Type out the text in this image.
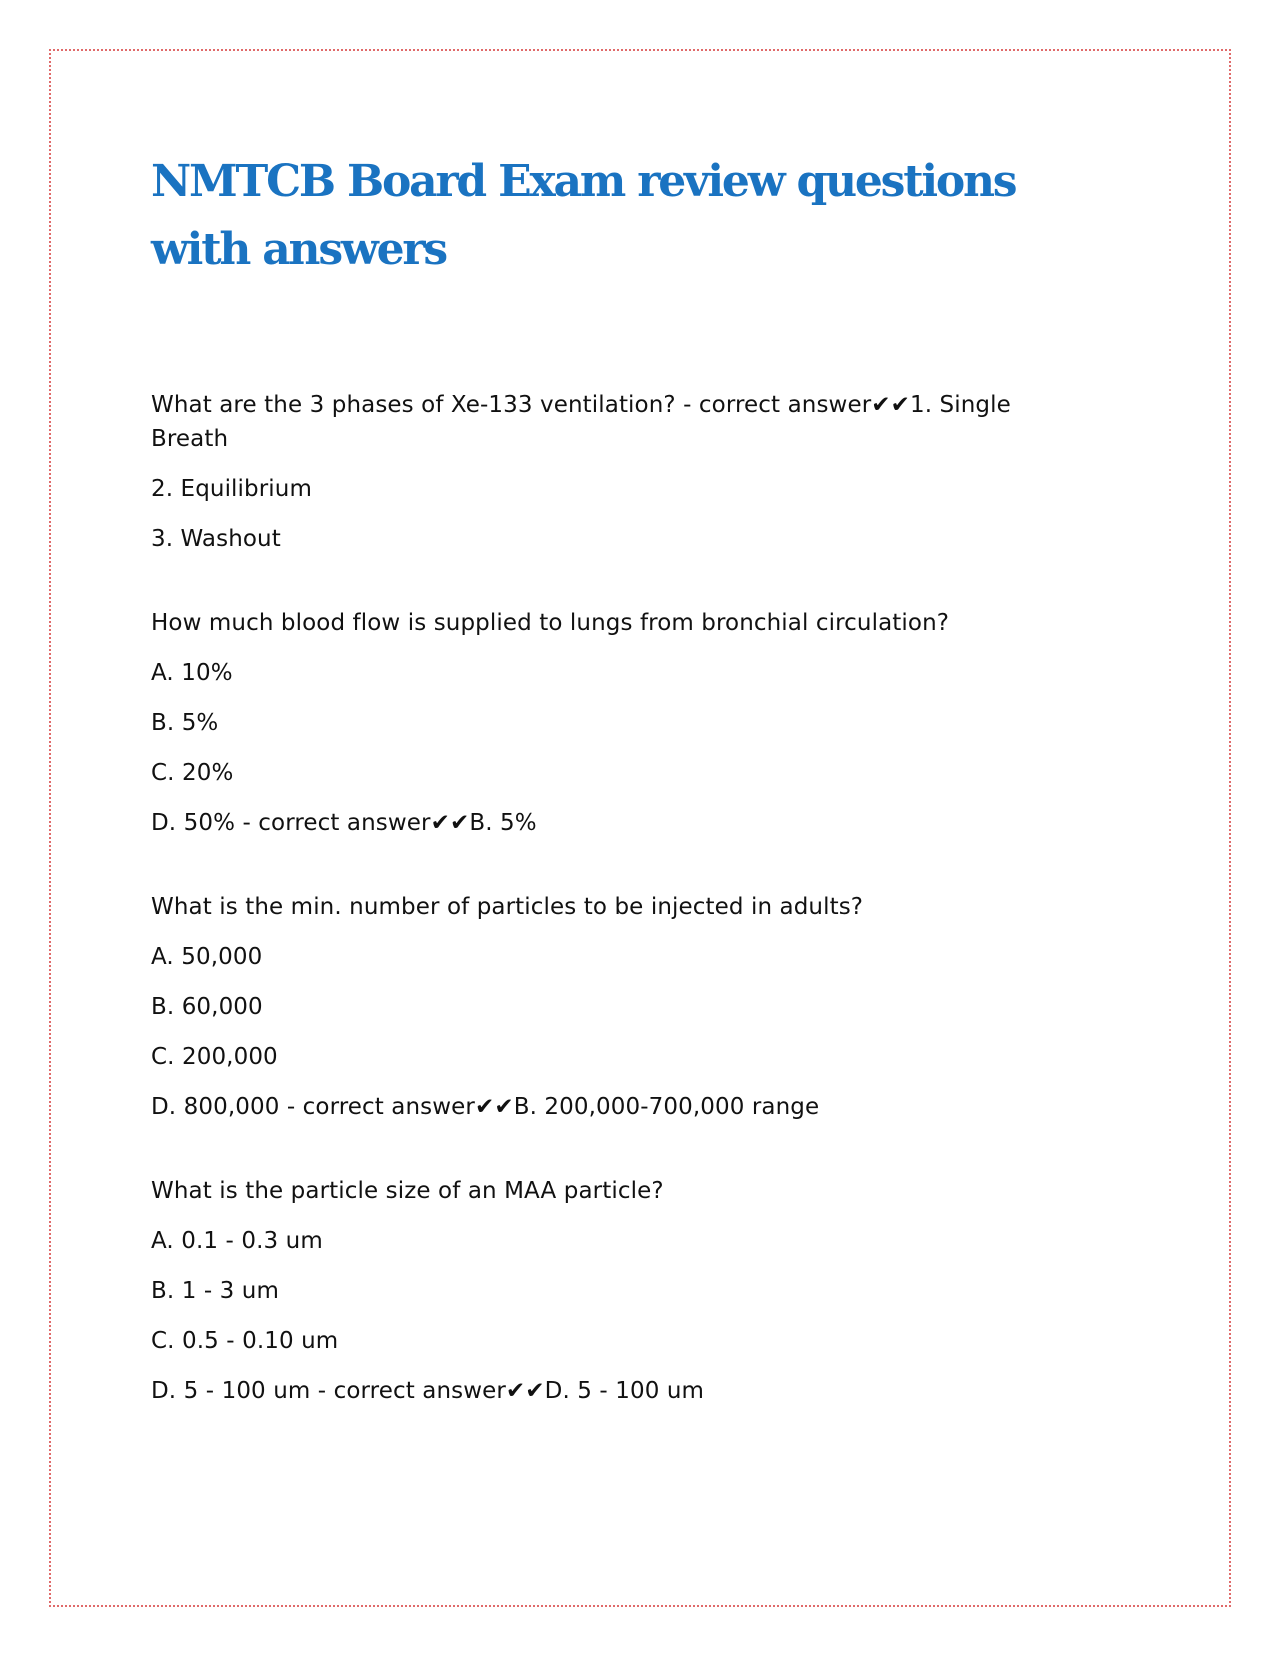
NMTCB Board Exam review questions with answers

What are the 3 phases of Xe-133 ventilation? - correct answer✔✔1. Single Breath

2. Equilibrium

3. Washout

How much blood flow is supplied to lungs from bronchial circulation?

A. 10%

B. 5%

C. 20%

D. 50% - correct answer✔✔B. 5%

What is the min. number of particles to be injected in adults?

A. 50,000

B. 60,000

C. 200,000

D. 800,000 - correct answer✔✔B. 200,000-700,000 range

What is the particle size of an MAA particle?

A. 0.1 - 0.3 um

B. 1 - 3 um

C. 0.5 - 0.10 um

D. 5 - 100 um - correct answer✔✔D. 5 - 100 um
